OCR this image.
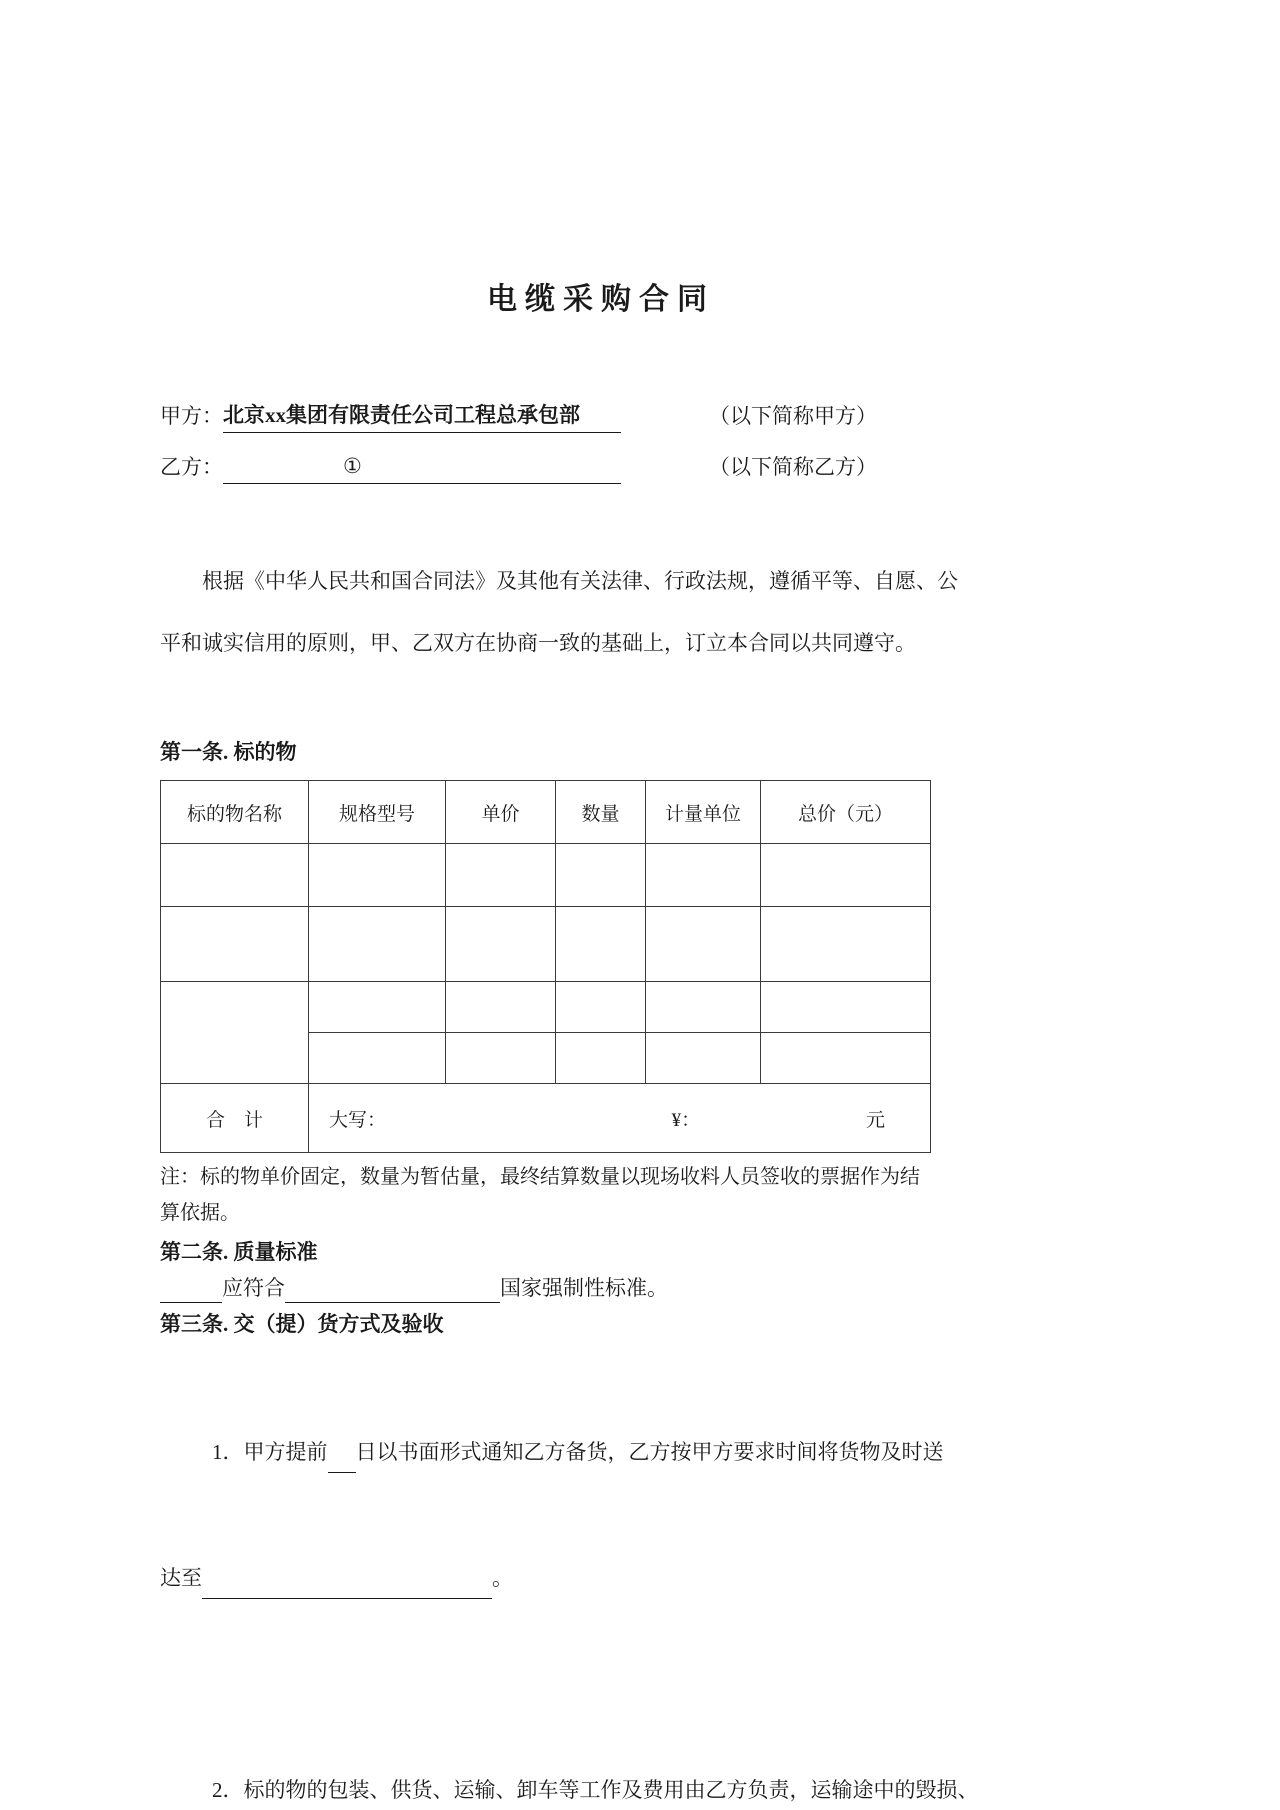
电缆采购合同
甲方： 北京xx集团有限责任公司工程总承包部	（以下简称甲方）
乙方：	①	（以下简称乙方）

根据《中华人民共和国合同法》及其他有关法律、行政法规，遵循平等、自愿、公
平和诚实信用的原则，甲、乙双方在协商一致的基础上，订立本合同以共同遵守。

第一条. 标的物
标的物名称	规格型号	单价	数量	计量单位	总价（元）

合　计	大写： ¥： 元				

注：标的物单价固定，数量为暂估量，最终结算数量以现场收料人员签收的票据作为结
算依据。

第二条. 质量标准

应符合	国家强制性标准。

第三条. 交（提）货方式及验收

1．甲方提前 日以书面形式通知乙方备货，乙方按甲方要求时间将货物及时送

达至	。

2．标的物的包装、供货、运输、卸车等工作及费用由乙方负责，运输途中的毁损、
